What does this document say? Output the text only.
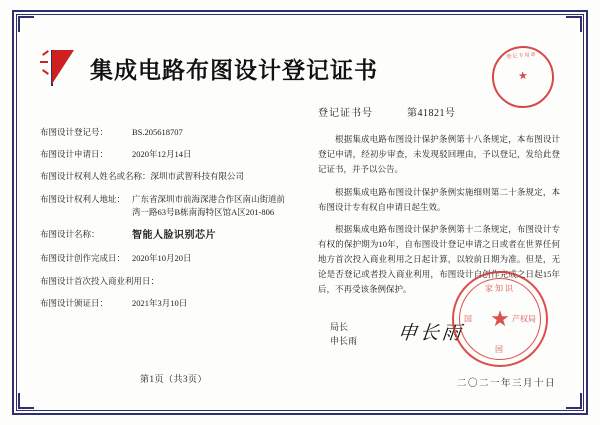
集成电路布图设计登记证书
登记专用章
★
登记证书号	第41821号
布图设计登记号：	BS.205618707
布图设计申请日：	2020年12月14日
布图设计权利人姓名或名称： 深圳市武智科技有限公司
布图设计权利人地址： 广东省深圳市前海深港合作区南山街道前湾一路63号B栋南海特区馆A区201-806
布图设计名称：	智能人脸识别芯片
布图设计创作完成日： 2020年10月20日
布图设计首次投入商业利用日：
布图设计颁证日：	2021年3月10日

根据集成电路布图设计保护条例第十八条规定，本布图设计登记申请，经初步审查，未发现驳回理由，予以登记，发给此登记证书，并予以公告。

根据集成电路布图设计保护条例实施细则第二十条规定，本布图设计专有权自申请日起生效。

根据集成电路布图设计保护条例第十二条规定，布图设计专有权的保护期为10年，自布图设计登记申请之日或者在世界任何地方首次投入商业利用之日起计算，以较前日期为准。但是，无论是否登记或者投入商业利用，布图设计自创作完成之日起15年后，不再受该条例保护。

局长
申长雨	申长雨
家知识
国	产权局
国
★
二〇二一年三月十日
第1页（共3页）
